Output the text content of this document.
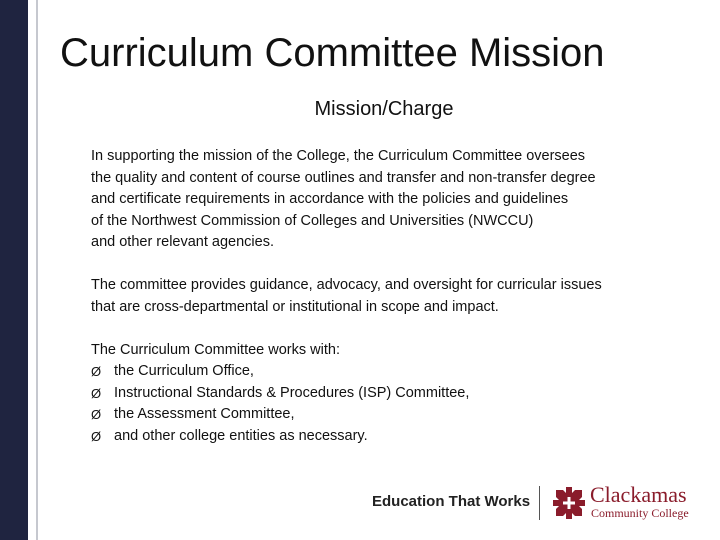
Curriculum Committee Mission
Mission/Charge
In supporting the mission of the College, the Curriculum Committee oversees
the quality and content of course outlines and transfer and non-transfer degree
and certificate requirements in accordance with the policies and guidelines
of the Northwest Commission of Colleges and Universities (NWCCU)
and other relevant agencies.
The committee provides guidance, advocacy, and oversight for curricular issues
that are cross-departmental or institutional in scope and impact.
The Curriculum Committee works with:
Ø the Curriculum Office,
Ø Instructional Standards & Procedures (ISP) Committee,
Ø the Assessment Committee,
Ø and other college entities as necessary.
Education That Works	Clackamas
Community College
